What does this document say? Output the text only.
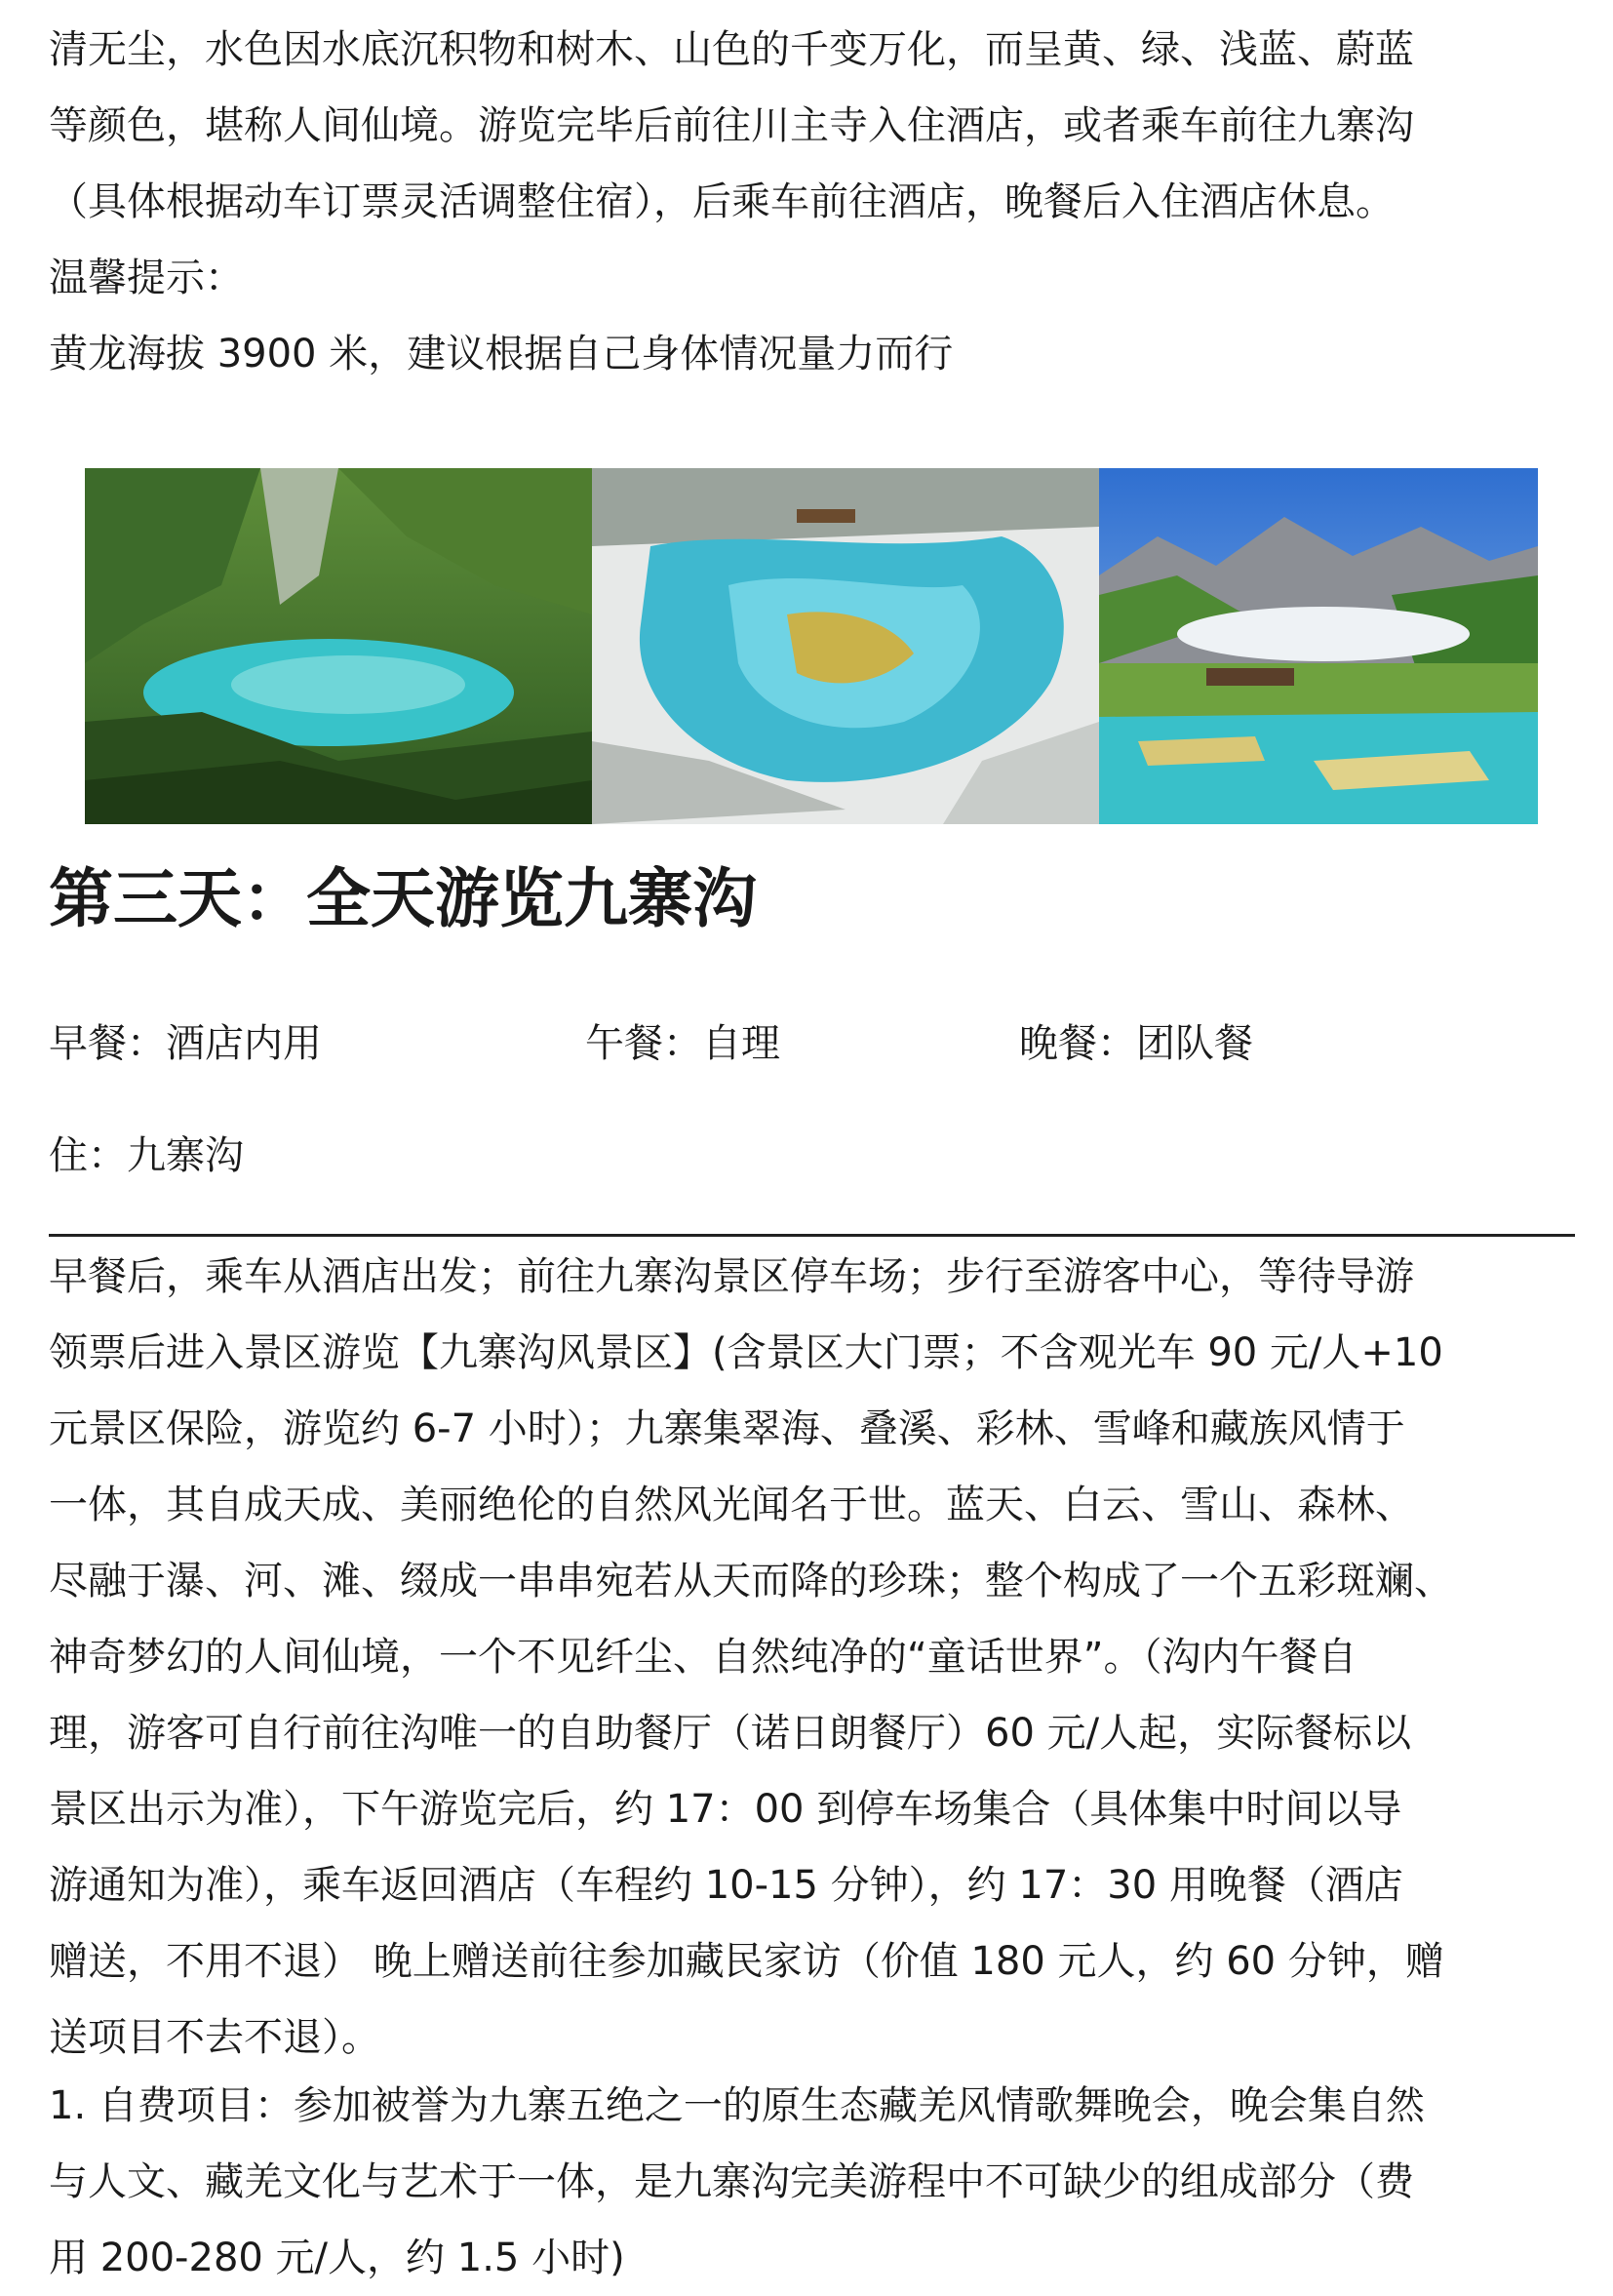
清无尘，水色因水底沉积物和树木、山色的千变万化，而呈黄、绿、浅蓝、蔚蓝
等颜色，堪称人间仙境。游览完毕后前往川主寺入住酒店，或者乘车前往九寨沟
（具体根据动车订票灵活调整住宿），后乘车前往酒店，晚餐后入住酒店休息。
温馨提示：
黄龙海拔 3900 米，建议根据自己身体情况量力而行
第三天：全天游览九寨沟
早餐：酒店内用	午餐：自理	晚餐：团队餐
住：九寨沟
早餐后，乘车从酒店出发；前往九寨沟景区停车场；步行至游客中心，等待导游
领票后进入景区游览【九寨沟风景区】(含景区大门票；不含观光车 90 元/人+10
元景区保险，游览约 6-7 小时）；九寨集翠海、叠溪、彩林、雪峰和藏族风情于
一体，其自成天成、美丽绝伦的自然风光闻名于世。蓝天、白云、雪山、森林、
尽融于瀑、河、滩、缀成一串串宛若从天而降的珍珠；整个构成了一个五彩斑斓、
神奇梦幻的人间仙境，一个不见纤尘、自然纯净的“童话世界”。（沟内午餐自
理，游客可自行前往沟唯一的自助餐厅（诺日朗餐厅）60 元/人起，实际餐标以
景区出示为准），下午游览完后，约 17：00 到停车场集合（具体集中时间以导
游通知为准），乘车返回酒店（车程约 10-15 分钟），约 17：30 用晚餐（酒店
赠送，不用不退） 晚上赠送前往参加藏民家访（价值 180 元人，约 60 分钟，赠
送项目不去不退）。
1. 自费项目：参加被誉为九寨五绝之一的原生态藏羌风情歌舞晚会，晚会集自然
与人文、藏羌文化与艺术于一体，是九寨沟完美游程中不可缺少的组成部分（费
用 200-280 元/人，约 1.5 小时)
